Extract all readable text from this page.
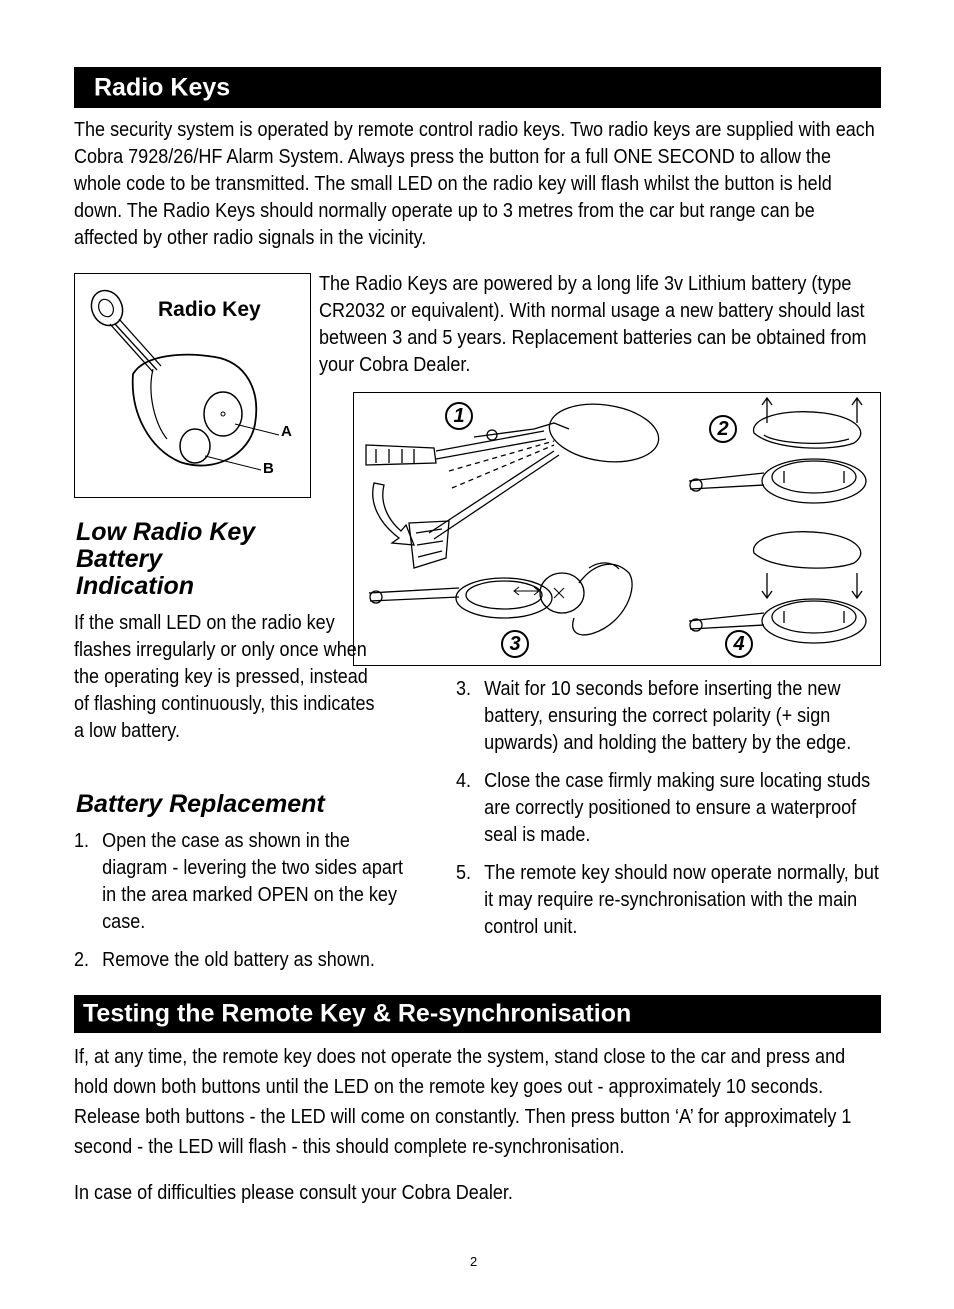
Radio Keys
The security system is operated by remote control radio keys. Two radio keys are supplied with each Cobra 7928/26/HF Alarm System. Always press the button for a full ONE SECOND to allow the whole code to be transmitted. The small LED on the radio key will flash whilst the button is held down. The Radio Keys should normally operate up to 3 metres from the car but range can be affected by other radio signals in the vicinity.
Radio Key
A
B
The Radio Keys are powered by a long life 3v Lithium battery (type CR2032 or equivalent). With normal usage a new battery should last between 3 and 5 years. Replacement batteries can be obtained from your Cobra Dealer.
1
2
3	4
Low Radio Key
Battery
Indication
If the small LED on the radio key flashes irregularly or only once when the operating key is pressed, instead of flashing continuously, this indicates a low battery.
Battery Replacement
1. Open the case as shown in the diagram - levering the two sides apart in the area marked OPEN on the key case.
2. Remove the old battery as shown.
3. Wait for 10 seconds before inserting the new battery, ensuring the correct polarity (+ sign upwards) and holding the battery by the edge.
4. Close the case firmly making sure locating studs are correctly positioned to ensure a waterproof seal is made.
5. The remote key should now operate normally, but it may require re-synchronisation with the main control unit.
Testing the Remote Key & Re-synchronisation

If, at any time, the remote key does not operate the system, stand close to the car and press and hold down both buttons until the LED on the remote key goes out - approximately 10 seconds. Release both buttons - the LED will come on constantly. Then press button ‘A’ for approximately 1 second - the LED will flash - this should complete re-synchronisation.

In case of difficulties please consult your Cobra Dealer.

2
